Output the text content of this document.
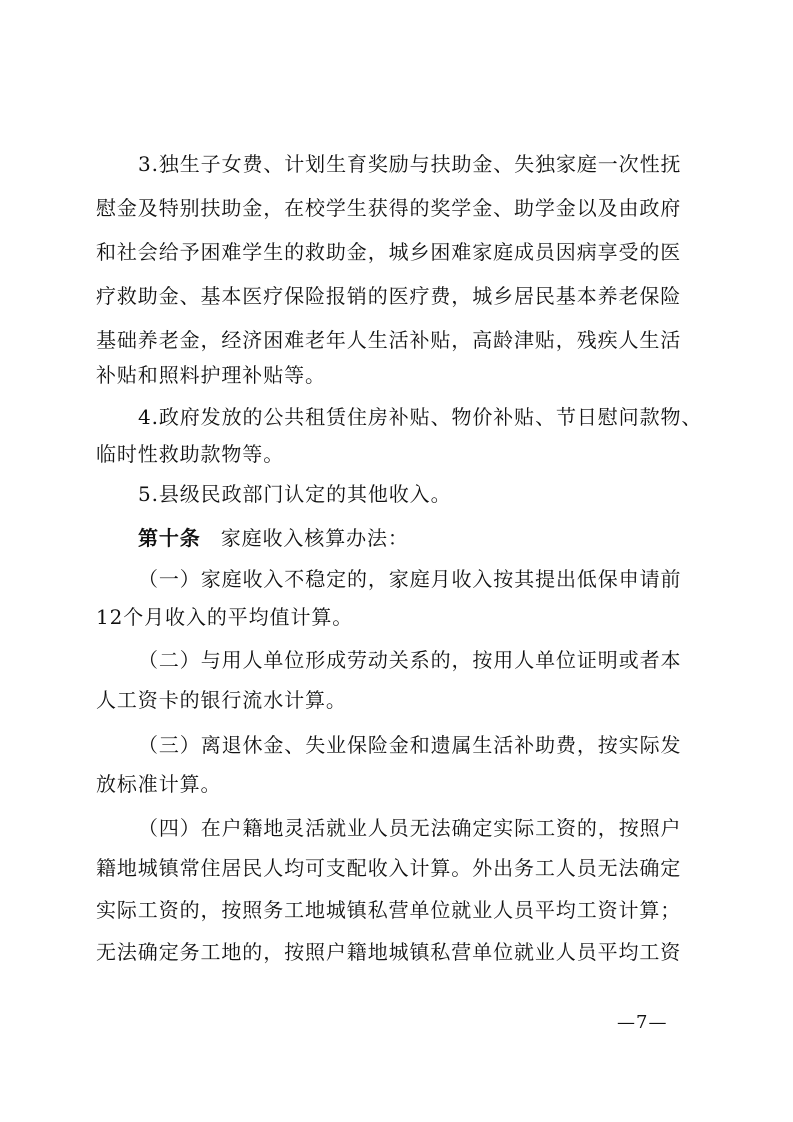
3.独生子女费、计划生育奖励与扶助金、失独家庭一次性抚
慰金及特别扶助金，在校学生获得的奖学金、助学金以及由政府
和社会给予困难学生的救助金，城乡困难家庭成员因病享受的医
疗救助金、基本医疗保险报销的医疗费，城乡居民基本养老保险
基础养老金，经济困难老年人生活补贴，高龄津贴，残疾人生活
补贴和照料护理补贴等。
4.政府发放的公共租赁住房补贴、物价补贴、节日慰问款物、
临时性救助款物等。
5.县级民政部门认定的其他收入。
第十条 家庭收入核算办法：
（一）家庭收入不稳定的，家庭月收入按其提出低保申请前
12个月收入的平均值计算。
（二）与用人单位形成劳动关系的，按用人单位证明或者本
人工资卡的银行流水计算。
（三）离退休金、失业保险金和遗属生活补助费，按实际发
放标准计算。
（四）在户籍地灵活就业人员无法确定实际工资的，按照户
籍地城镇常住居民人均可支配收入计算。外出务工人员无法确定
实际工资的，按照务工地城镇私营单位就业人员平均工资计算；
无法确定务工地的，按照户籍地城镇私营单位就业人员平均工资
—7—
